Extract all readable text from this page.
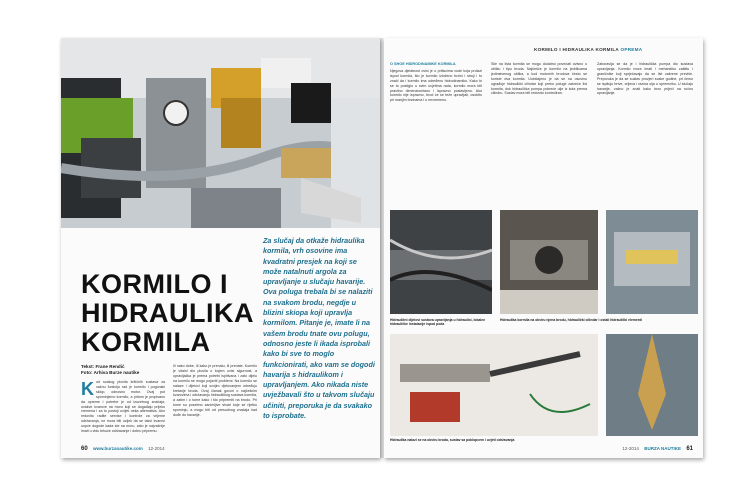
KORMILO I
HIDRAULIKA
KORMILA
Za slučaj da otkaže hidraulika kormila, vrh osovine ima kvadratni presjek na koji se može natalnuti argola za upravljanje u slučaju havarije. Ova poluga trebala bi se nalaziti na svakom brodu, negdje u blizini skiopa koji upravlja kormilom. Pitanje je, imate li na vašem brodu tnate ovu polugu, odnosno jeste li ikada isprobali kako bi sve to moglo funkcionirati, ako vam se dogodi havarija s hidraulikom i upravljanjem. Ako nikada niste uvježbavali što u takvom slučaju učiniti, preporuka je da svakako to isprobate.
Tekst: Frane Rendić
Foto: Arhiva Burze nautike
K od svakog plovila kritičnih sustava za važnu funkciju rad je kormilo i pogonski sklop, odnosno motor. Ovaj put spominjemo kormilo, a pritom je propisano da opreme i potrebe je od izuzetnog značaja, ovakve kvarove na moru koji se događaju prijeko vremena i za to postoji uvijek neka alternativa. Ako redovito radite servise i kontrole za vrijeme održavanja, ne mora biti uvijek da se takvi kvarovi uopće dogode kada ste na moru, zato je najvažnije imati u vidu tekuće održavanje i dobru pripremu.
Ili nako dobe, ili kako je prenatu, ili prenate. Kormilo je vitalni dio plovila o kojem ovisi sigurnost, a upravljačka je prema potrebi ispitivana i zato dijelu na kormilu se mogu pojaviti problemi. Na kormilu se nalaze i dijelovi koji svojim djelovanjem određuju kretanje broda. Ovaj članak govori o najčešćim kvarovima i održavanju hidrauličkog sustava kormila, a zatim i o tome kako i što pripremiti na brodu. Pri tome su posebno zanimljive stvari koje se rijetko spominju, a mogu biti od presudnog značaja kad dođe do havarije.
60 www.burzanautike.com 12-2014
KORMILO I HIDRAULIKA KORMILA OPREMA
O SHOE HIDRODINAMIKE KORMILA
Njegova djelatnost ovisi je o pritiscima vode koja prolazi ispod kormila, što je kormilo izloženo brzini i struji i to znači da i kormilo ima određenu hidrodinamiku. Kako bi se to postiglo u svim uvjetima rada, kormilo mora biti pravilno dimenzionirano i ispravno postavljeno. Ako kormilo nije ispravno, brod će se teže upravljati, osobito pri manjim brzinama i u nevremenu.
Sile na lista kormila se mogu dodatno povećati ovisno o obliku i tipu broda. Najčešće je kormilo na jedrilicama jedinstvenog oblika, a kod motornih brodova često se koriste dva kormila. Uobičajeno je da se na osovinu ugrađuje hidraulički cilindar koji preko poluge zakreće list kormila, dok hidraulička pumpa pokreće ulje iz kola prema cilindru. Sustav mora biti redovito kontroliran.
Zaboravlja se da je i hidraulička pumpa dio sustava upravljanja. Kormilo mora imati i mehaničku zaštitu i graničnike koji sprječavaju da se list zakrene previše. Preporuka je da se sustav provjeri svake godine, pri čemu se ispituju brtve, crijeva i razina ulja u spremniku. U slučaju havarije, važno je znati kako brzo prijeći na ručno upravljanje.
Hidraulični dijelovi sustava upravljanja u hidraulici, lokalne hidrauličke instalacije ispod poda
Hidraulika kormila na okviru njena brodu, hidraulički cilindar i ostali hidraulički elementi
Hidraulika nalazi se na okviru broda, sustav sa poklopcem i uvjeti održavanja
12-2014 BURZA NAUTIKE 61
